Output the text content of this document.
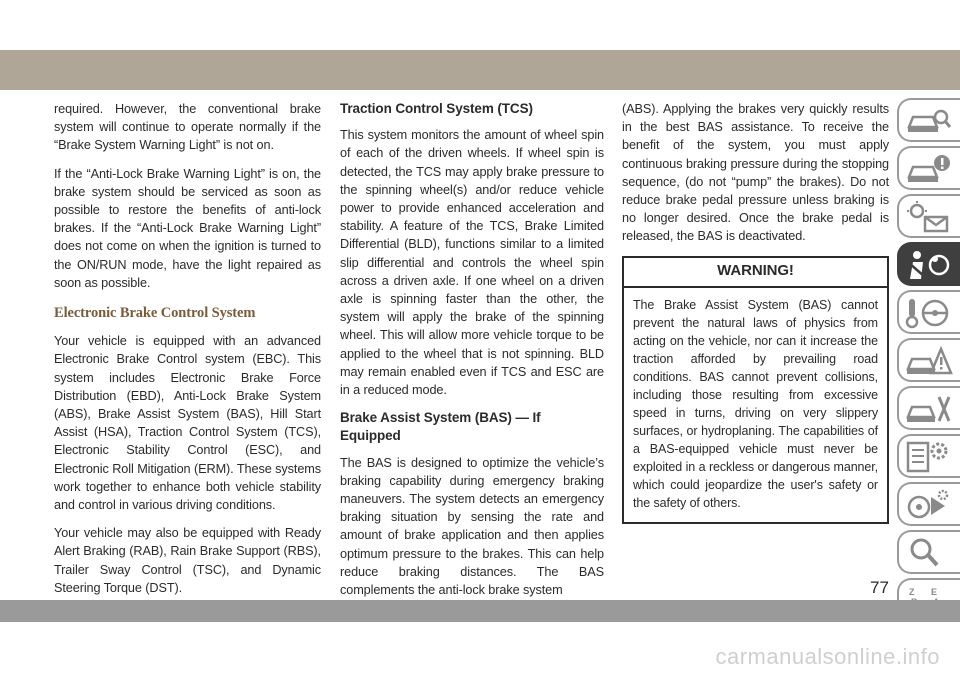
required. However, the conventional brake system will continue to operate normally if the “Brake System Warning Light” is not on.

If the “Anti-Lock Brake Warning Light” is on, the brake system should be serviced as soon as possible to restore the benefits of anti-lock brakes. If the “Anti-Lock Brake Warning Light” does not come on when the ignition is turned to the ON/RUN mode, have the light repaired as soon as possible.

Electronic Brake Control System

Your vehicle is equipped with an advanced Electronic Brake Control system (EBC). This system includes Electronic Brake Force Distribution (EBD), Anti-Lock Brake System (ABS), Brake Assist System (BAS), Hill Start Assist (HSA), Traction Control System (TCS), Electronic Stability Control (ESC), and Electronic Roll Mitigation (ERM). These systems work together to enhance both vehicle stability and control in various driving conditions.

Your vehicle may also be equipped with Ready Alert Braking (RAB), Rain Brake Support (RBS), Trailer Sway Control (TSC), and Dynamic Steering Torque (DST).

Traction Control System (TCS)

This system monitors the amount of wheel spin of each of the driven wheels. If wheel spin is detected, the TCS may apply brake pressure to the spinning wheel(s) and/or reduce vehicle power to provide enhanced acceleration and stability. A feature of the TCS, Brake Limited Differential (BLD), functions similar to a limited slip differential and controls the wheel spin across a driven axle. If one wheel on a driven axle is spinning faster than the other, the system will apply the brake of the spinning wheel. This will allow more vehicle torque to be applied to the wheel that is not spinning. BLD may remain enabled even if TCS and ESC are in a reduced mode.

Brake Assist System (BAS) — If Equipped

The BAS is designed to optimize the vehicle’s braking capability during emergency braking maneuvers. The system detects an emergency braking situation by sensing the rate and amount of brake application and then applies optimum pressure to the brakes. This can help reduce braking distances. The BAS complements the anti-lock brake system

(ABS). Applying the brakes very quickly results in the best BAS assistance. To receive the benefit of the system, you must apply continuous braking pressure during the stopping sequence, (do not “pump” the brakes). Do not reduce brake pedal pressure unless braking is no longer desired. Once the brake pedal is released, the BAS is deactivated.

WARNING!

The Brake Assist System (BAS) cannot prevent the natural laws of physics from acting on the vehicle, nor can it increase the traction afforded by prevailing road conditions. BAS cannot prevent collisions, including those resulting from excessive speed in turns, driving on very slippery surfaces, or hydroplaning. The capabilities of a BAS-equipped vehicle must never be exploited in a reckless or dangerous manner, which could jeopardize the user's safety or the safety of others.

Z E
77
carmanualsonline.info
